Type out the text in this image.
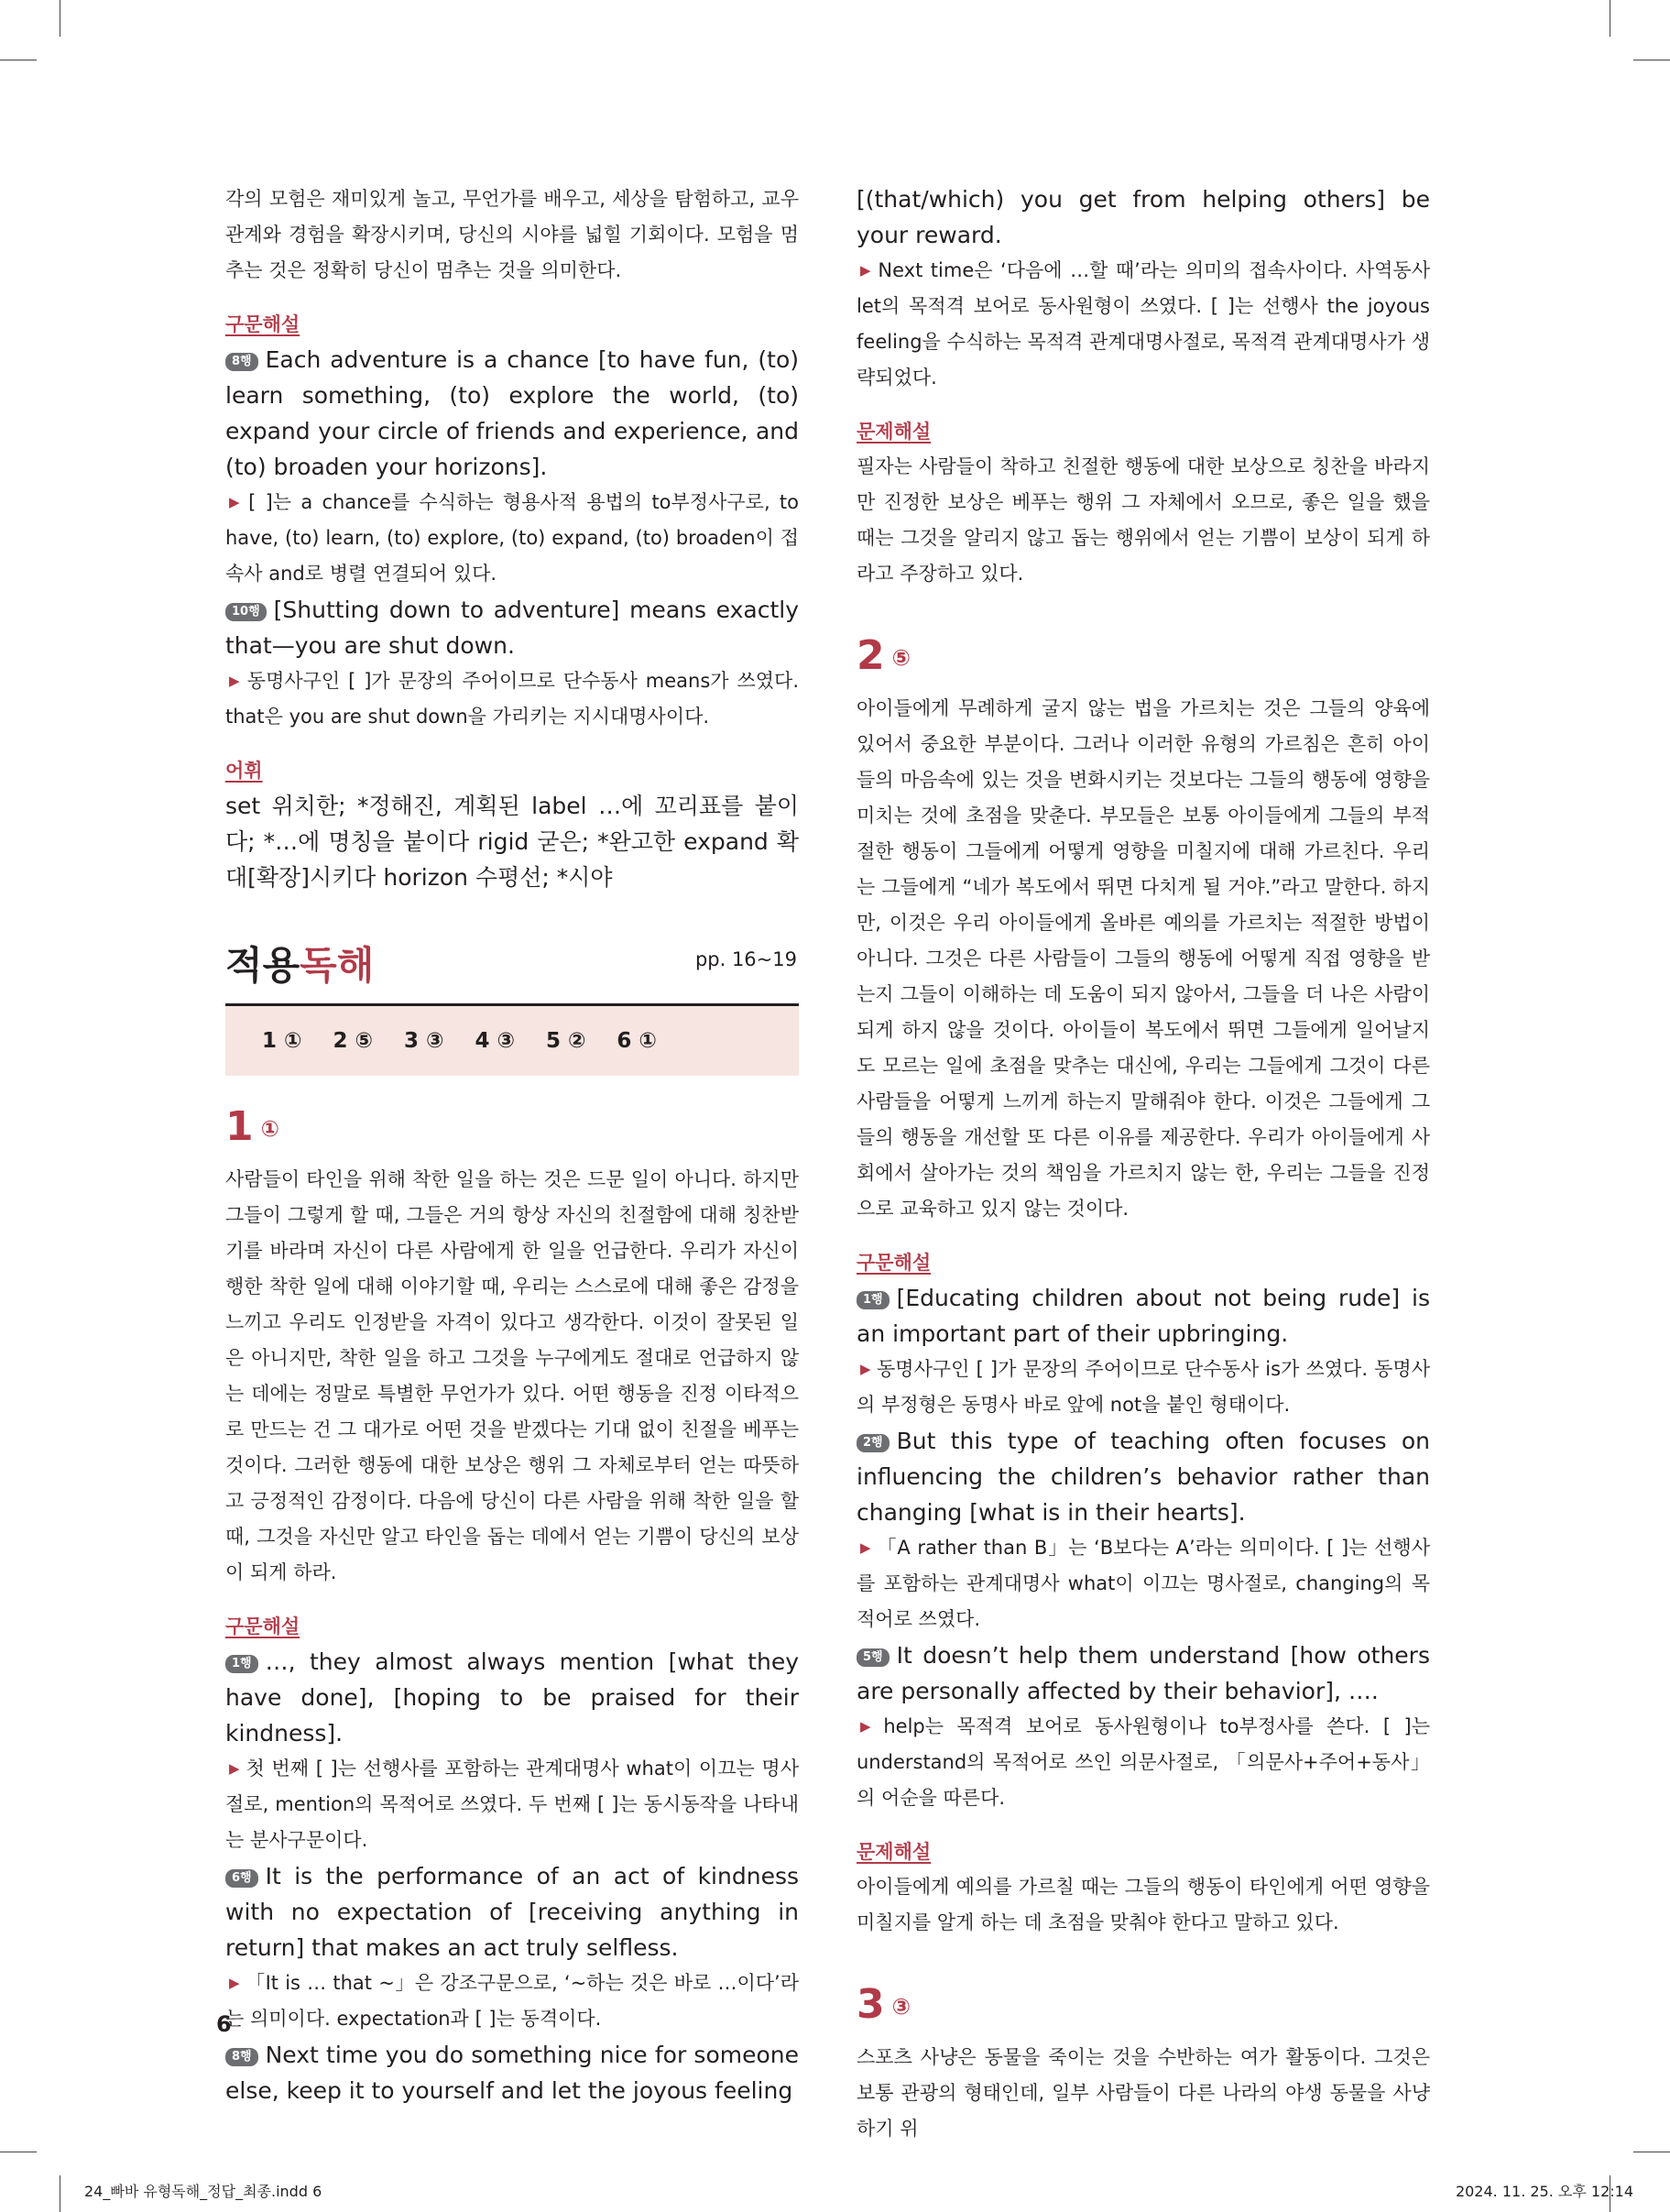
각의 모험은 재미있게 놀고, 무언가를 배우고, 세상을 탐험하고, 교우 관계와 경험을 확장시키며, 당신의 시야를 넓힐 기회이다. 모험을 멈추는 것은 정확히 당신이 멈추는 것을 의미한다.

구문해설

8행 Each adventure is a chance [to have fun, (to) learn something, (to) explore the world, (to) expand your circle of friends and experience, and (to) broaden your horizons].

▶ [ ]는 a chance를 수식하는 형용사적 용법의 to부정사구로, to have, (to) learn, (to) explore, (to) expand, (to) broaden이 접속사 and로 병렬 연결되어 있다.

10행 [Shutting down to adventure] means exactly that—you are shut down.

▶ 동명사구인 [ ]가 문장의 주어이므로 단수동사 means가 쓰였다. that은 you are shut down을 가리키는 지시대명사이다.

어휘

set 위치한; *정해진, 계획된 label …에 꼬리표를 붙이다; *…에 명칭을 붙이다 rigid 굳은; *완고한 expand 확대[확장]시키다 horizon 수평선; *시야

적용독해	pp. 16~19
1 ① 2 ⑤ 3 ③ 4 ③ 5 ② 6 ①
1 ①

사람들이 타인을 위해 착한 일을 하는 것은 드문 일이 아니다. 하지만 그들이 그렇게 할 때, 그들은 거의 항상 자신의 친절함에 대해 칭찬받기를 바라며 자신이 다른 사람에게 한 일을 언급한다. 우리가 자신이 행한 착한 일에 대해 이야기할 때, 우리는 스스로에 대해 좋은 감정을 느끼고 우리도 인정받을 자격이 있다고 생각한다. 이것이 잘못된 일은 아니지만, 착한 일을 하고 그것을 누구에게도 절대로 언급하지 않는 데에는 정말로 특별한 무언가가 있다. 어떤 행동을 진정 이타적으로 만드는 건 그 대가로 어떤 것을 받겠다는 기대 없이 친절을 베푸는 것이다. 그러한 행동에 대한 보상은 행위 그 자체로부터 얻는 따뜻하고 긍정적인 감정이다. 다음에 당신이 다른 사람을 위해 착한 일을 할 때, 그것을 자신만 알고 타인을 돕는 데에서 얻는 기쁨이 당신의 보상이 되게 하라.

구문해설

1행 …, they almost always mention [what they have done], [hoping to be praised for their kindness].

▶ 첫 번째 [ ]는 선행사를 포함하는 관계대명사 what이 이끄는 명사절로, mention의 목적어로 쓰였다. 두 번째 [ ]는 동시동작을 나타내는 분사구문이다.

6행 It is the performance of an act of kindness with no expectation of [receiving anything in return] that makes an act truly selfless.

▶ 「It is … that ~」은 강조구문으로, ‘~하는 것은 바로 …이다’라는 의미이다. expectation과 [ ]는 동격이다.

8행 Next time you do something nice for someone else, keep it to yourself and let the joyous feeling

6

[(that/which) you get from helping others] be your reward.

▶ Next time은 ‘다음에 …할 때’라는 의미의 접속사이다. 사역동사 let의 목적격 보어로 동사원형이 쓰였다. [ ]는 선행사 the joyous feeling을 수식하는 목적격 관계대명사절로, 목적격 관계대명사가 생략되었다.

문제해설

필자는 사람들이 착하고 친절한 행동에 대한 보상으로 칭찬을 바라지만 진정한 보상은 베푸는 행위 그 자체에서 오므로, 좋은 일을 했을 때는 그것을 알리지 않고 돕는 행위에서 얻는 기쁨이 보상이 되게 하라고 주장하고 있다.

2 ⑤

아이들에게 무례하게 굴지 않는 법을 가르치는 것은 그들의 양육에 있어서 중요한 부분이다. 그러나 이러한 유형의 가르침은 흔히 아이들의 마음속에 있는 것을 변화시키는 것보다는 그들의 행동에 영향을 미치는 것에 초점을 맞춘다. 부모들은 보통 아이들에게 그들의 부적절한 행동이 그들에게 어떻게 영향을 미칠지에 대해 가르친다. 우리는 그들에게 “네가 복도에서 뛰면 다치게 될 거야.”라고 말한다. 하지만, 이것은 우리 아이들에게 올바른 예의를 가르치는 적절한 방법이 아니다. 그것은 다른 사람들이 그들의 행동에 어떻게 직접 영향을 받는지 그들이 이해하는 데 도움이 되지 않아서, 그들을 더 나은 사람이 되게 하지 않을 것이다. 아이들이 복도에서 뛰면 그들에게 일어날지도 모르는 일에 초점을 맞추는 대신에, 우리는 그들에게 그것이 다른 사람들을 어떻게 느끼게 하는지 말해줘야 한다. 이것은 그들에게 그들의 행동을 개선할 또 다른 이유를 제공한다. 우리가 아이들에게 사회에서 살아가는 것의 책임을 가르치지 않는 한, 우리는 그들을 진정으로 교육하고 있지 않는 것이다.

구문해설

1행 [Educating children about not being rude] is an important part of their upbringing.

▶ 동명사구인 [ ]가 문장의 주어이므로 단수동사 is가 쓰였다. 동명사의 부정형은 동명사 바로 앞에 not을 붙인 형태이다.

2행 But this type of teaching often focuses on influencing the children’s behavior rather than changing [what is in their hearts].

▶ 「A rather than B」는 ‘B보다는 A’라는 의미이다. [ ]는 선행사를 포함하는 관계대명사 what이 이끄는 명사절로, changing의 목적어로 쓰였다.

5행 It doesn’t help them understand [how others are personally affected by their behavior], ….

▶ help는 목적격 보어로 동사원형이나 to부정사를 쓴다. [ ]는 understand의 목적어로 쓰인 의문사절로, 「의문사+주어+동사」의 어순을 따른다.

문제해설

아이들에게 예의를 가르칠 때는 그들의 행동이 타인에게 어떤 영향을 미칠지를 알게 하는 데 초점을 맞춰야 한다고 말하고 있다.

3 ③

스포츠 사냥은 동물을 죽이는 것을 수반하는 여가 활동이다. 그것은 보통 관광의 형태인데, 일부 사람들이 다른 나라의 야생 동물을 사냥하기 위

24_빠바 유형독해_정답_최종.indd 6	2024. 11. 25. 오후 12:14
